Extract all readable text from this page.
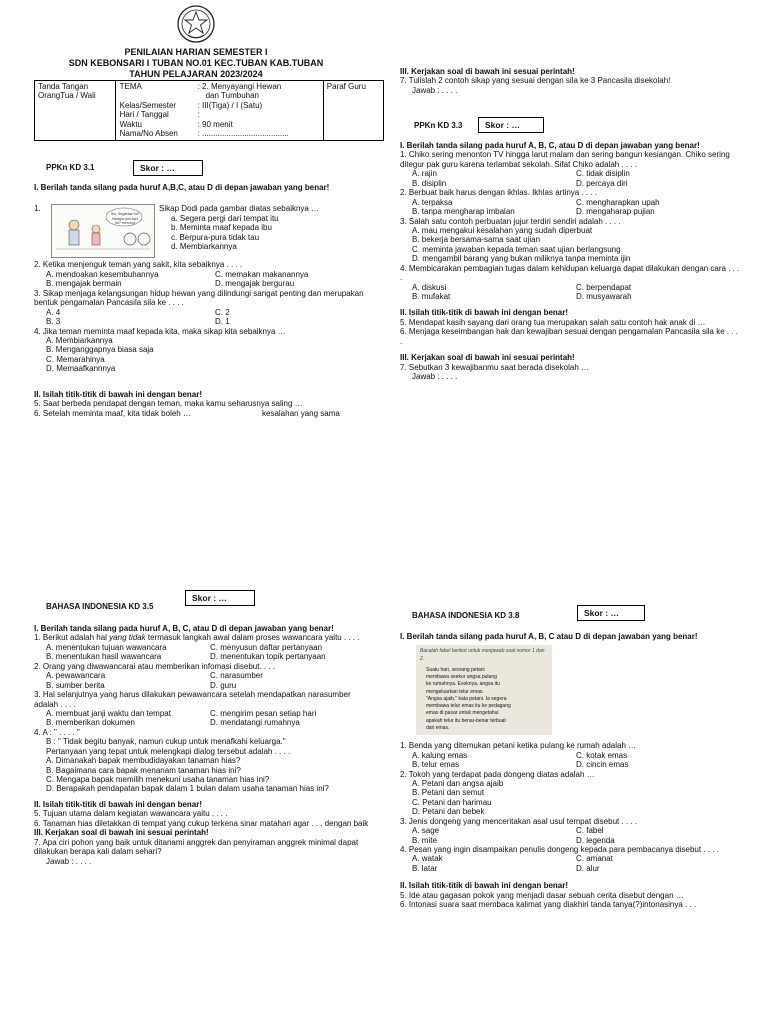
PENILAIAN HARIAN SEMESTER I

SDN KEBONSARI I TUBAN NO.01 KEC.TUBAN KAB.TUBAN

TAHUN PELAJARAN 2023/2024

Tanda Tangan OrangTua / Wali	
TEMA	: 2. Menyayangi Hewan
dan Tumbuhan
Kelas/Semester	: III(Tiga) / I (Satu)
Hari / Tanggal	:
Waktu	: 90 menit
Nama/No Absen	: .......................................
	Paraf Guru
PPKn KD 3.1	Skor : …

I. Berilah tanda silang pada huruf A,B,C, atau D di depan jawaban yang benar!

1.
Ibu, Segarkan ini! Berapa jam hari ini? menurut

Sikap Dodi pada gambar diatas sebaiknya …

a. Segera pergi dari tempat itu

b. Meminta maaf kepada ibu

c. Berpura-pura tidak tau

d. Membiarkannya

2. Ketika menjenguk teman yang sakit, kita sebaiknya . . . .

A. mendoakan kesembuhannya	C. memakan makanannya
B. mengajak bermain	D. mengajak bergurau

3. Sikap menjaga kelangsungan hidup hewan yang dilindungi sangat penting dan merupakan bentuk pengamalan Pancasila sila ke . . . .

A. 4	C. 2
B. 3	D. 1

4. Jika teman meminta maaf kepada kita, maka sikap kita sebaiknya …

A. Membiarkannya

B. Menganggapnya biasa saja

C. Memarahinya

D. Memaafkannnya

II. Isilah titik-titik di bawah ini dengan benar!

5. Saat berbeda pendapat dengan teman, maka kamu seharusnya saling …

6. Setelah meminta maaf, kita tidak boleh …	kesalahan yang sama

III. Kerjakan soal di bawah ini sesuai perintah!

7. Tulislah 2 contoh sikap yang sesuai dengan sila ke 3 Pancasila disekolah!

Jawab : . . . .

PPKn KD 3.3	Skor : …

I. Berilah tanda silang pada huruf A, B, C, atau D di depan jawaban yang benar!

1. Chiko sering menonton TV hingga larut malam dan sering bangun kesiangan. Chiko sering ditegur pak guru karena terlambat sekolah. Sifat Chiko adalah . . . .

A. rajin	C. tidak disiplin
B. disiplin	D. percaya diri

2. Berbuat baik harus dengan ikhlas. Ikhlas artinya . . . .

A. terpaksa	C. mengharapkan upah
B. tanpa mengharap imbalan	D. mengaharap pujian

3. Salah satu contoh perbuatan jujur terdiri sendiri adalah . . . .

A. mau mengakui kesalahan yang sudah diperbuat

B. bekerja bersama-sama saat ujian

C. meminta jawaban kepada teman saat ujian berlangsung

D. mengambil barang yang bukan miliknya tanpa meminta ijin

4. Membicarakan pembagian tugas dalam kehidupan keluarga dapat dilakukan dengan cara . . . .

A. diskusi	C. berpendapat
B. mufakat	D. musyawarah

II. Isilah titik-titik di bawah ini dengan benar!

5. Mendapat kasih sayang dari orang tua merupakan salah satu contoh hak anak di …

6. Menjaga keseimbangan hak dan kewajiban sesuai dengan pengamalan Pancasila sila ke . . . .

III. Kerjakan soal di bawah ini sesuai perintah!

7. Sebutkan 3 kewajibanmu saat berada disekolah …

Jawab : . . . .

BAHASA INDONESIA KD 3.5
Skor : …

I. Berilah tanda silang pada huruf A, B, C, atau D di depan jawaban yang benar!

1. Berikut adalah hal yang tidak termasuk langkah awal dalam proses wawancara yaitu . . . .

A. menentukan tujuan wawancara	C. menyusun daftar pertanyaan
B. menentukan hasil wawancara	D. menentukan topik pertanyaan

2. Orang yang diwawancarai atau memberikan infomasi disebut. . . .

A. pewawancara	C. narasumber
B. sumber berita	D. guru

3. Hal selanjutnya yang harus dilakukan pewawancara setelah mendapatkan narasumber adalah . . . .

A. membuat janji waktu dan tempat	C. mengirim pesan setiap hari
B. memberikan dokumen	D. mendatangi rumahnya

4. A : " . . . . "

B : " Tidak begitu banyak, namun cukup untuk menafkahi keluarga."

Pertanyaan yang tepat untuk melengkapi dialog tersebut adalah . . . .

A. Dimanakah bapak membudidayakan tanaman hias?

B. Bagaimana cara bapak menanam tanaman hias ini?

C. Mengapa bapak memilih menekuni usaha tanaman hias ini?

D. Berapakah pendapatan bapak dalam 1 bulan dalam usaha tanaman hias ini?

II. Isilah titik-titik di bawah ini dengan benar!

5. Tujuan utama dalam kegiatan wawancara yaitu . . . .

6. Tanaman hias diletakkan di tempat yang cukup terkena sinar matahari agar . . . dengan baik

III. Kerjakan soal di bawah ini sesuai perintah!

7. Apa ciri pohon yang baik untuk ditanami anggrek dan penyiraman anggrek minimal dapat dilakukan berapa kali dalam sehari?

Jawab : . . . .

BAHASA INDONESIA KD 3.8	Skor : …

I. Berilah tanda silang pada huruf A, B, C atau D di depan jawaban yang benar!

Bacalah fabel berikut untuk menjawab soal nomor 1 dan 2.

Suatu hari, seorang petani

membawa seekor angsa pulang

ke rumahnya. Esoknya, angsa itu

mengeluarkan telur emas.

"Angsa ajaib," kata petani. Ia segera

membawa telur emas itu ke pedagang

emas di pasar untuk mengetahui

apakah telur itu benar-benar terbuat

dari emas.

1. Benda yang ditemukan petani ketika pulang ke rumah adalah …

A. kalung emas	C. kotak emas
B. telur emas	D. cincin emas

2. Tokoh yang terdapat pada dongeng diatas adalah …

A. Petani dan angsa ajaib

B. Petani dan semut

C. Petani dan harimau

D. Petani dan bebek

3. Jenis dongeng yang menceritakan asal usul tempat disebut . . . .

A. sage	C. fabel
B. mite	D. legenda

4. Pesan yang ingin disampaikan penulis dongeng kepada para pembacanya disebut . . . .

A. watak	C. amanat
B. latar	D. alur

II. Isilah titik-titik di bawah ini dengan benar!

5. Ide atau gagasan pokok yang menjadi dasar sebuah cerita disebut dengan …

6. Intonasi suara saat membaca kalimat yang diakhiri tanda tanya(?)intonasinya . . .
